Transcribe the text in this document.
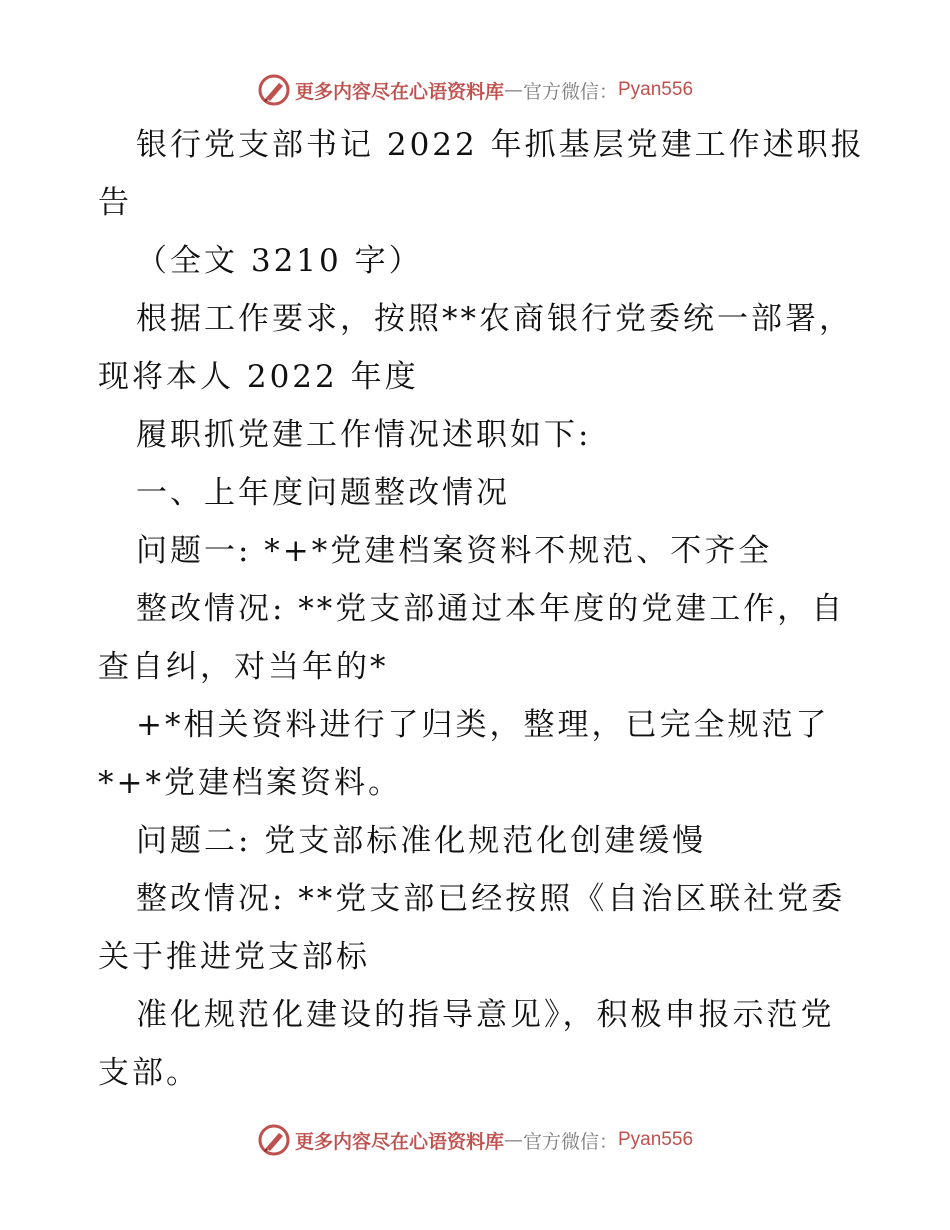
更多内容尽在心语资料库 — 官方微信： Pyan556
银行党支部书记 2022 年抓基层党建工作述职报
告
（全文 3210 字）
根据工作要求，按照**农商银行党委统一部署，
现将本人 2022 年度
履职抓党建工作情况述职如下:
一、上年度问题整改情况
问题一: *+*党建档案资料不规范、不齐全
整改情况: **党支部通过本年度的党建工作，自
查自纠，对当年的*
+*相关资料进行了归类，整理，已完全规范了
*+*党建档案资料。
问题二: 党支部标准化规范化创建缓慢
整改情况: **党支部已经按照《自治区联社党委
关于推进党支部标
准化规范化建设的指导意见》，积极申报示范党
支部。
更多内容尽在心语资料库 — 官方微信： Pyan556
